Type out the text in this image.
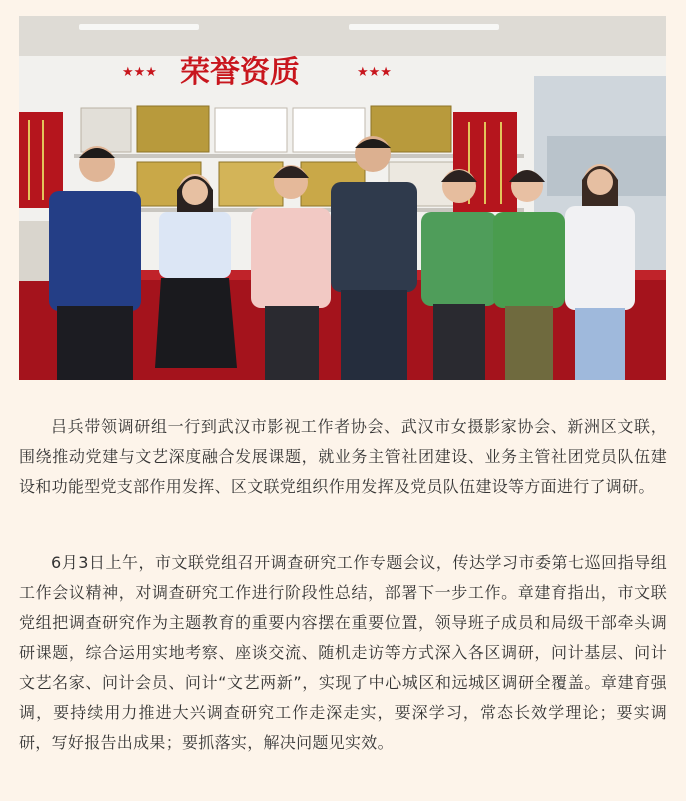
★★★ 荣誉资质	★★★

吕兵带领调研组一行到武汉市影视工作者协会、武汉市女摄影家协会、新洲区文联，围绕推动党建与文艺深度融合发展课题，就业务主管社团建设、业务主管社团党员队伍建设和功能型党支部作用发挥、区文联党组织作用发挥及党员队伍建设等方面进行了调研。

6月3日上午，市文联党组召开调查研究工作专题会议，传达学习市委第七巡回指导组工作会议精神，对调查研究工作进行阶段性总结，部署下一步工作。章建育指出，市文联党组把调查研究作为主题教育的重要内容摆在重要位置，领导班子成员和局级干部牵头调研课题，综合运用实地考察、座谈交流、随机走访等方式深入各区调研，问计基层、问计文艺名家、问计会员、问计“文艺两新”，实现了中心城区和远城区调研全覆盖。章建育强调，要持续用力推进大兴调查研究工作走深走实，要深学习，常态长效学理论；要实调研，写好报告出成果；要抓落实，解决问题见实效。
